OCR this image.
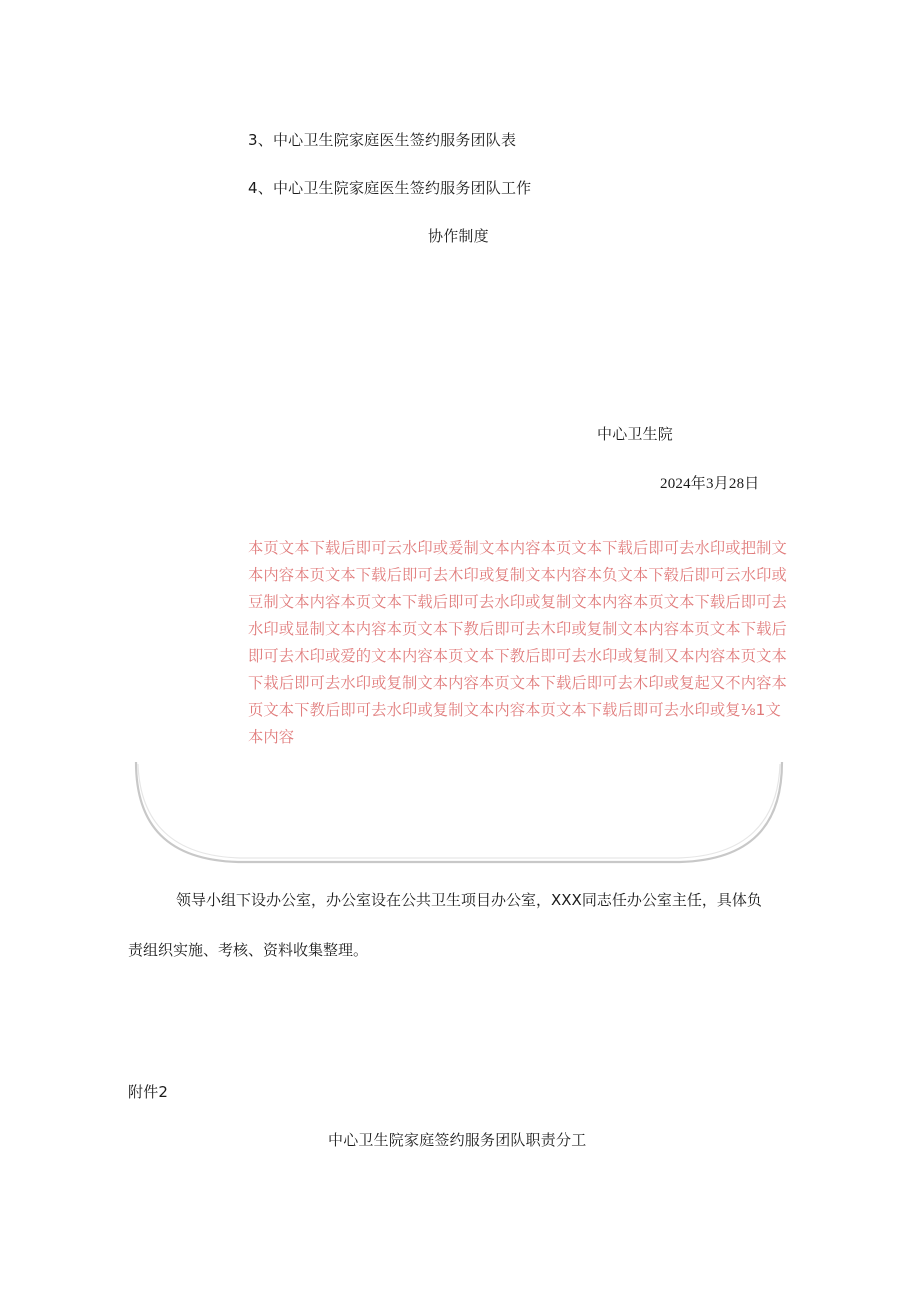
3、中心卫生院家庭医生签约服务团队表
4、中心卫生院家庭医生签约服务团队工作
协作制度
中心卫生院
2024年3月28日
本页文本下载后即可云水印或爰制文本内容本页文本下载后即可去水印或把制文本内容本页文本下载后即可去木印或复制文本内容本负文本下毂后即可云水印或豆制文本内容本页文本下载后即可去水印或复制文本内容本页文本下载后即可去水印或显制文本内容本页文本下教后即可去木印或复制文本内容本页文本下载后即可去木印或爱的文本内容本页文本下教后即可去水印或复制又本内容本页文本下栽后即可去水印或复制文本内容本页文本下载后即可去木印或复起又不内容本页文本下教后即可去水印或复制文本内容本页文本下载后即可去水印或复⅛1文本内容
领导小组下设办公室，办公室设在公共卫生项目办公室，XXX同志任办公室主任，具体负
责组织实施、考核、资料收集整理。
附件2
中心卫生院家庭签约服务团队职责分工
